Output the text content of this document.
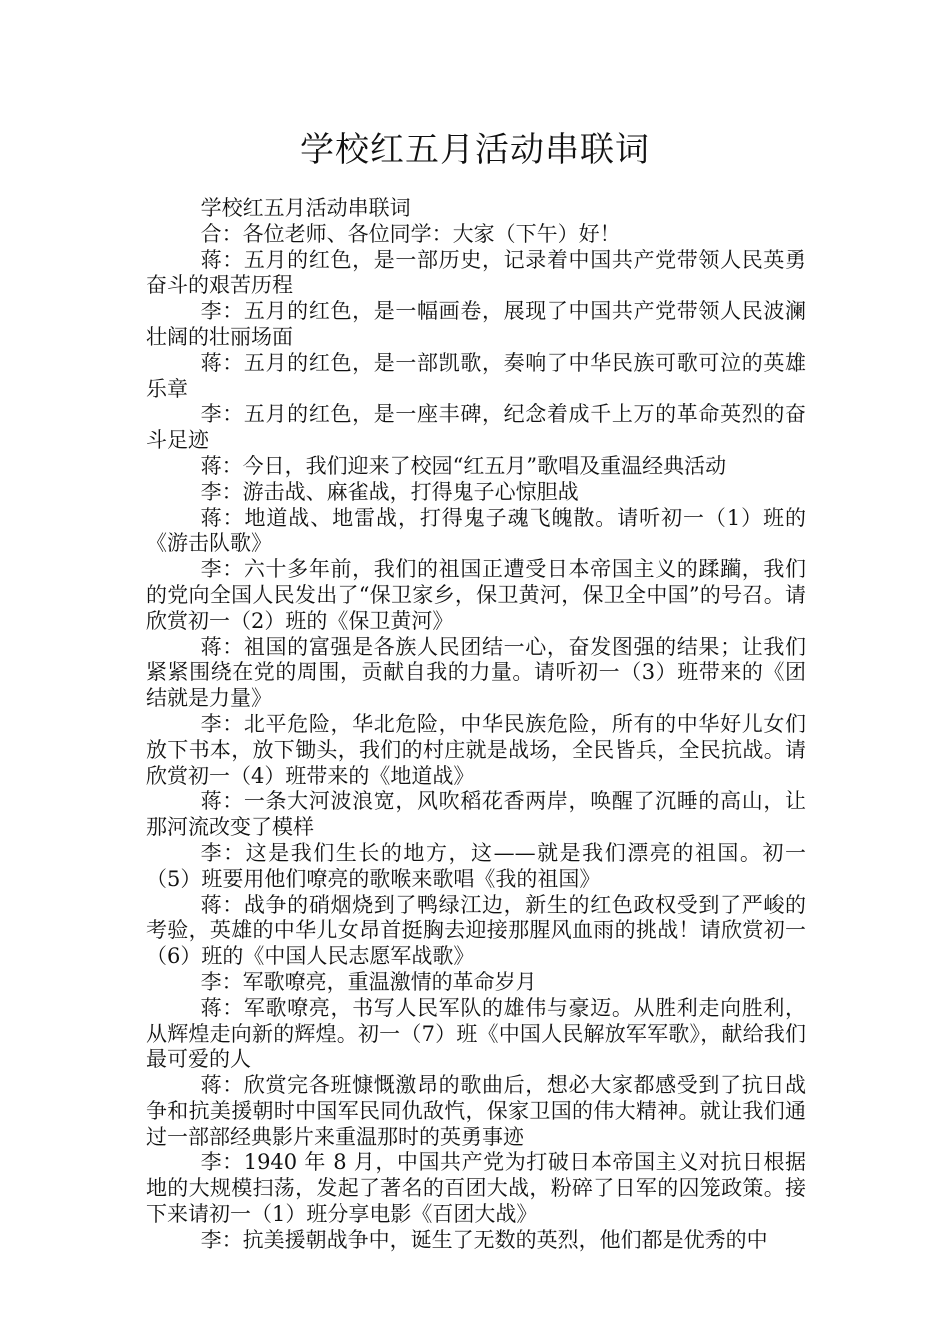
学校红五月活动串联词

学校红五月活动串联词

合：各位老师、各位同学：大家（下午）好！

蒋：五月的红色，是一部历史，记录着中国共产党带领人民英勇奋斗的艰苦历程

李：五月的红色，是一幅画卷，展现了中国共产党带领人民波澜壮阔的壮丽场面

蒋：五月的红色，是一部凯歌，奏响了中华民族可歌可泣的英雄乐章

李：五月的红色，是一座丰碑，纪念着成千上万的革命英烈的奋斗足迹

蒋：今日，我们迎来了校园“红五月”歌唱及重温经典活动

李：游击战、麻雀战，打得鬼子心惊胆战

蒋：地道战、地雷战，打得鬼子魂飞魄散。请听初一（1）班的《游击队歌》

李：六十多年前，我们的祖国正遭受日本帝国主义的蹂躏，我们的党向全国人民发出了“保卫家乡，保卫黄河，保卫全中国”的号召。请欣赏初一（2）班的《保卫黄河》

蒋：祖国的富强是各族人民团结一心，奋发图强的结果；让我们紧紧围绕在党的周围，贡献自我的力量。请听初一（3）班带来的《团结就是力量》

李：北平危险，华北危险，中华民族危险，所有的中华好儿女们放下书本，放下锄头，我们的村庄就是战场，全民皆兵，全民抗战。请欣赏初一（4）班带来的《地道战》

蒋：一条大河波浪宽，风吹稻花香两岸，唤醒了沉睡的高山，让那河流改变了模样

李：这是我们生长的地方，这——就是我们漂亮的祖国。初一（5）班要用他们嘹亮的歌喉来歌唱《我的祖国》

蒋：战争的硝烟烧到了鸭绿江边，新生的红色政权受到了严峻的考验，英雄的中华儿女昂首挺胸去迎接那腥风血雨的挑战！请欣赏初一（6）班的《中国人民志愿军战歌》

李：军歌嘹亮，重温激情的革命岁月

蒋：军歌嘹亮，书写人民军队的雄伟与豪迈。从胜利走向胜利，从辉煌走向新的辉煌。初一（7）班《中国人民解放军军歌》，献给我们最可爱的人

蒋：欣赏完各班慷慨激昂的歌曲后，想必大家都感受到了抗日战争和抗美援朝时中国军民同仇敌忾，保家卫国的伟大精神。就让我们通过一部部经典影片来重温那时的英勇事迹

李：1940 年 8 月，中国共产党为打破日本帝国主义对抗日根据地的大规模扫荡，发起了著名的百团大战，粉碎了日军的囚笼政策。接下来请初一（1）班分享电影《百团大战》

李：抗美援朝战争中，诞生了无数的英烈，他们都是优秀的中
